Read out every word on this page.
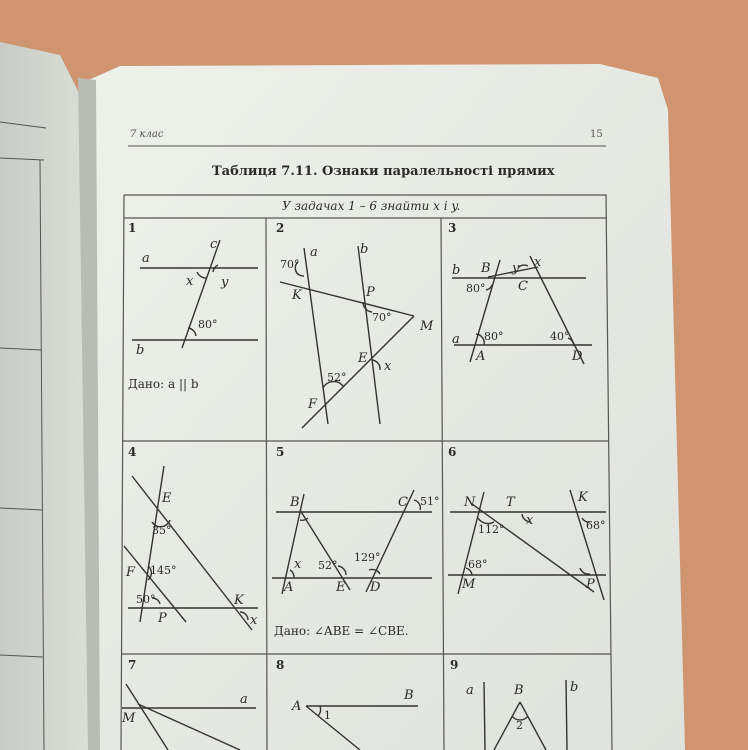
7 клас	15
Таблиця 7.11. Ознаки паралельності прямих
У задачах 1 – 6 знайти x і y.
1
a
c
x y
80°
b
Дано: a || b
2
70°
a	b
K	P
70°
M
E
x
52°
F
3
b B y x
C
80°
a 80°	40°
A	D
4
E
35°
F 145°
50°
P
K
x
5
B	C 51°
x 52°
129°
A	E D
Дано: ∠ABE = ∠CBE.
6
N T	K
x
112°	68°
68°
M	P
7
a
M
8
B
A
1
9
a	B	b
2
